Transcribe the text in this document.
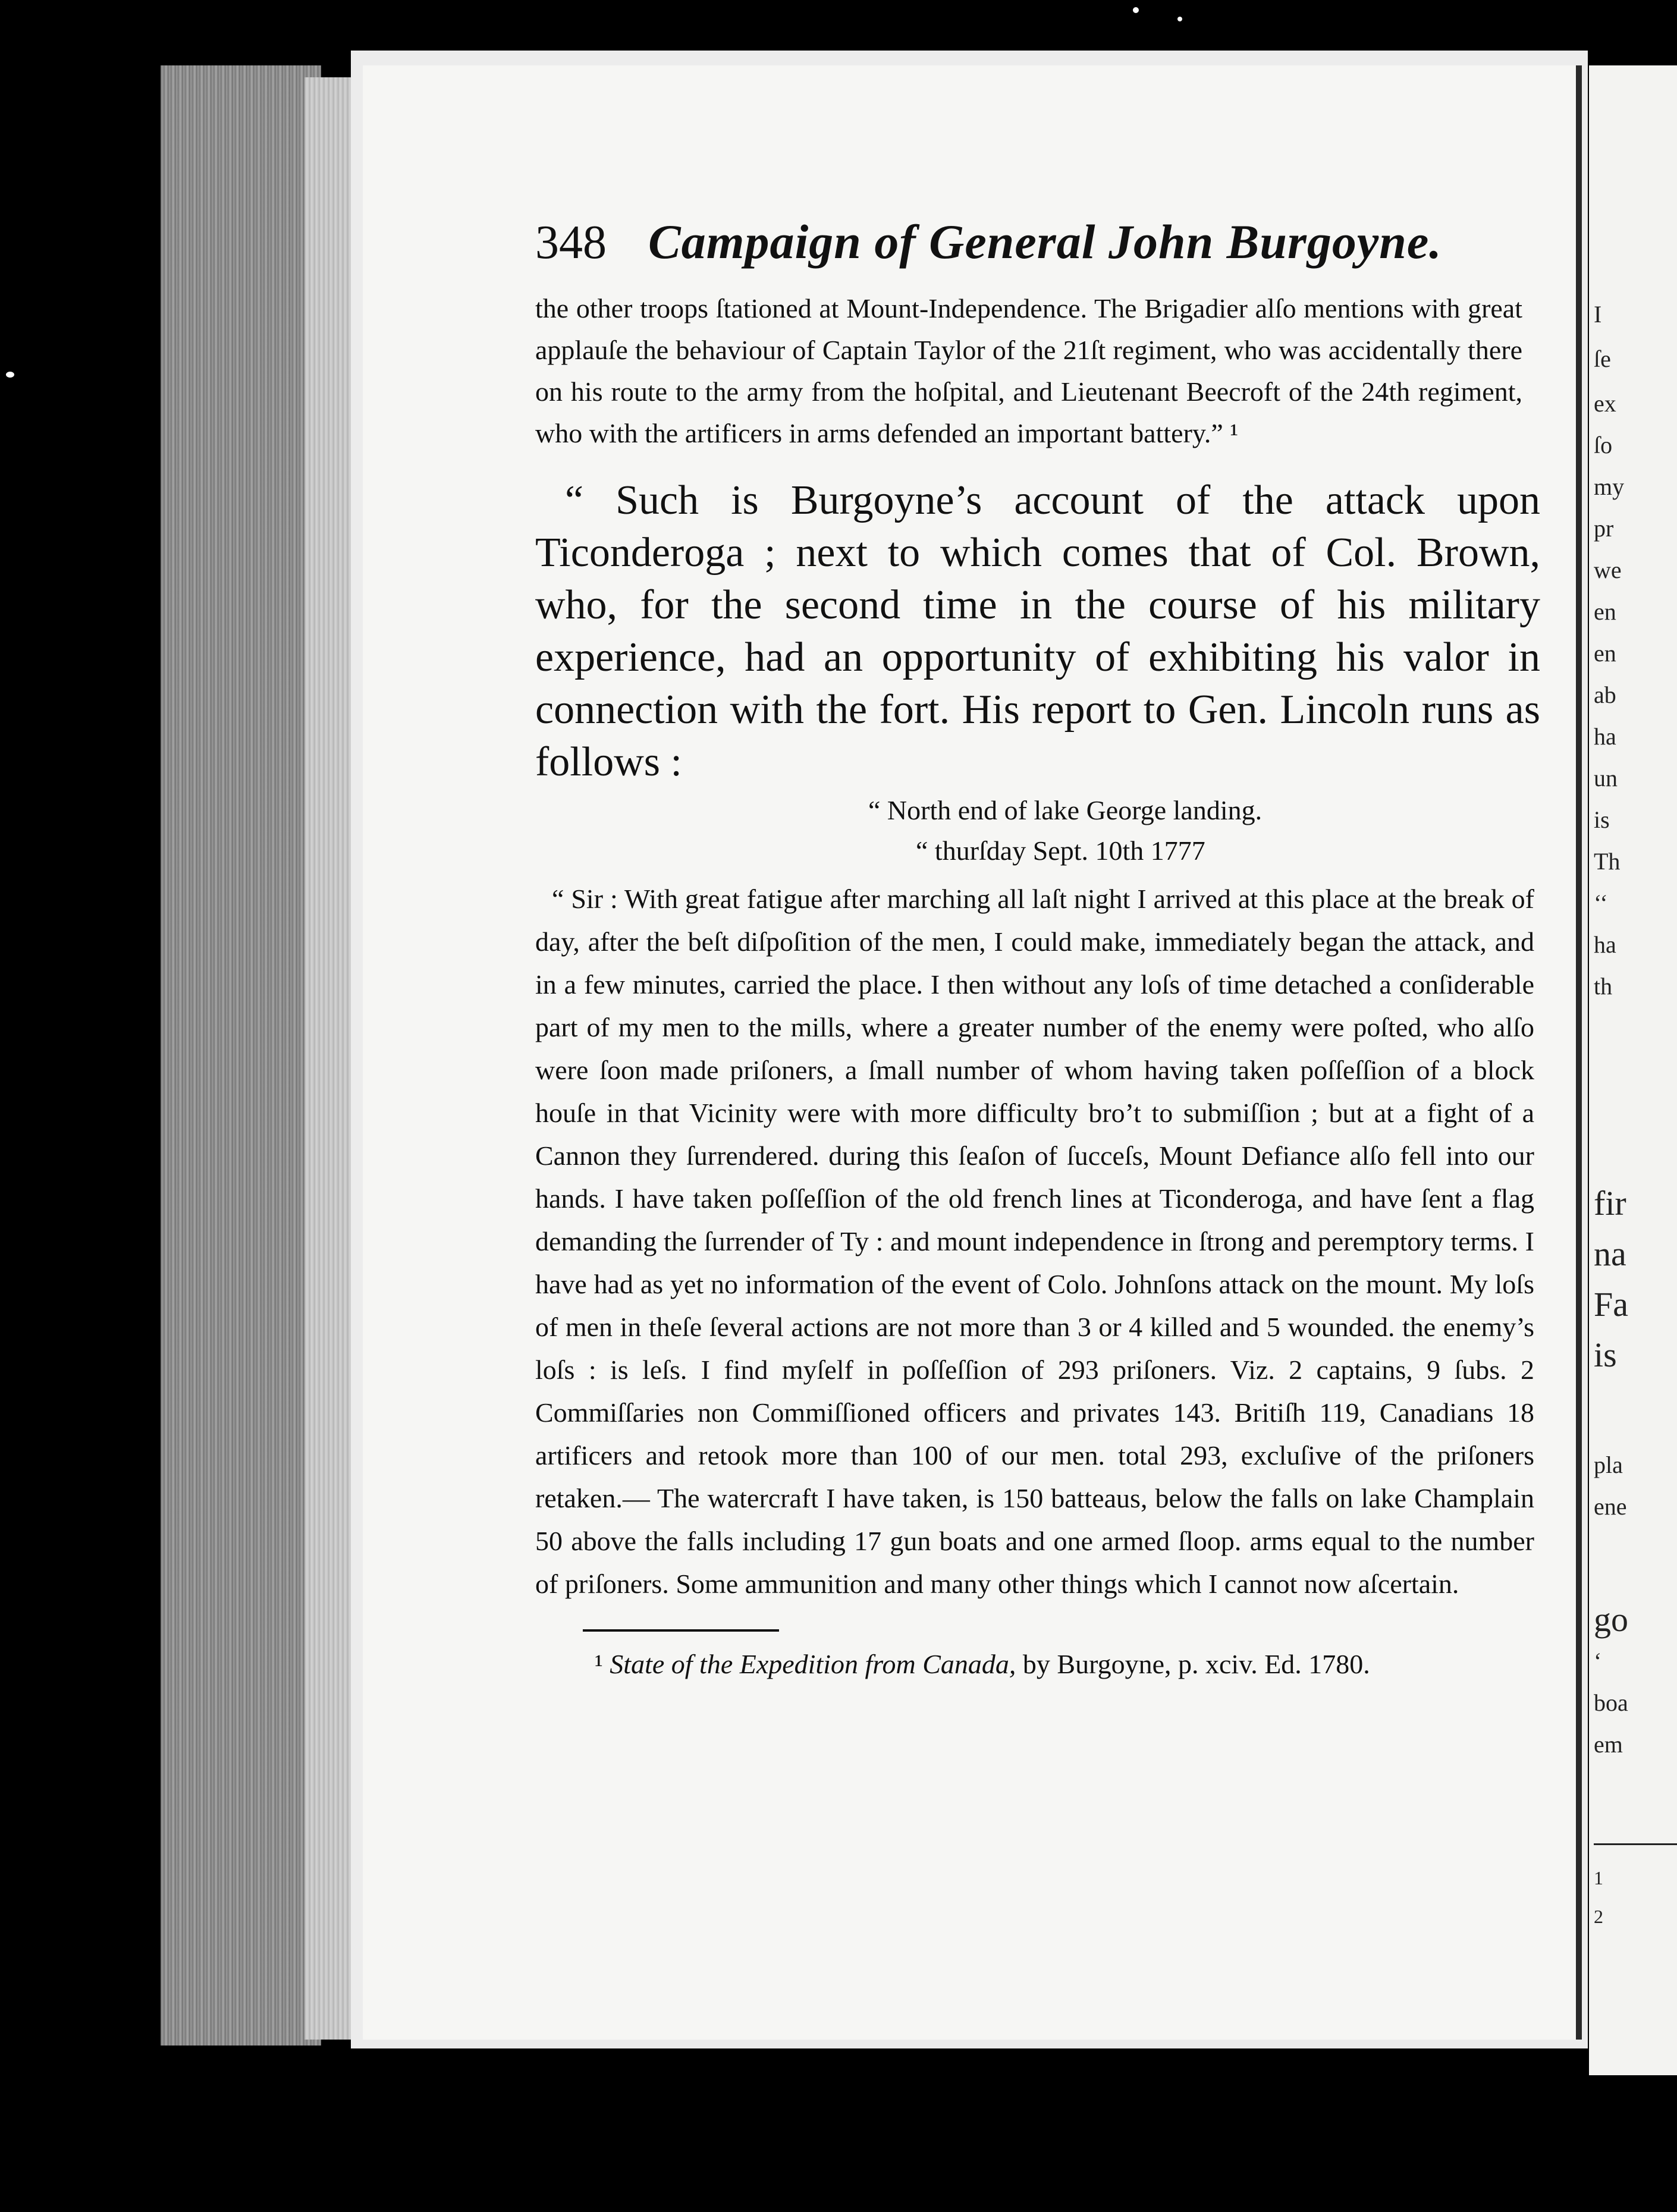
I
ſe
ex
ſo
my
pr
we
en
en
ab
ha
un
is
Th
‘‘
ha
th
fir
na
Fa
is
pla
ene
go
‘
boa
em
1
2
348 Campaign of General John Burgoyne.
the other troops ſtationed at Mount-Independence. The Brigadier alſo mentions with great applauſe the behaviour of Captain Taylor of the 21ſt regiment, who was accidentally there on his route to the army from the hoſpital, and Lieutenant Beecroft of the 24th regiment, who with the artificers in arms defended an important battery.” ¹
“ Such is Burgoyne’s account of the attack upon Ticonderoga ; next to which comes that of Col. Brown, who, for the second time in the course of his military experience, had an opportunity of exhibiting his valor in connection with the fort. His report to Gen. Lincoln runs as follows :
“ North end of lake George landing.
“ thurſday Sept. 10th 1777
“ Sir : With great fatigue after marching all laſt night I arrived at this place at the break of day, after the beſt diſpoſition of the men, I could make, immediately began the attack, and in a few minutes, carried the place. I then without any loſs of time detached a conſiderable part of my men to the mills, where a greater number of the enemy were poſted, who alſo were ſoon made priſoners, a ſmall number of whom having taken poſſeſſion of a block houſe in that Vicinity were with more difficulty bro’t to submiſſion ; but at a fight of a Cannon they ſurrendered. during this ſeaſon of ſucceſs, Mount Defiance alſo fell into our hands. I have taken poſſeſſion of the old french lines at Ticonderoga, and have ſent a flag demanding the ſurrender of Ty : and mount independence in ſtrong and peremptory terms. I have had as yet no information of the event of Colo. Johnſons attack on the mount. My loſs of men in theſe ſeveral actions are not more than 3 or 4 killed and 5 wounded. the enemy’s loſs : is leſs. I find myſelf in poſſeſſion of 293 priſoners. Viz. 2 captains, 9 ſubs. 2 Commiſſaries non Commiſſioned officers and privates 143. Britiſh 119, Canadians 18 artificers and retook more than 100 of our men. total 293, excluſive of the priſoners retaken.— The watercraft I have taken, is 150 batteaus, below the falls on lake Champlain 50 above the falls including 17 gun boats and one armed ſloop. arms equal to the number of priſoners. Some ammunition and many other things which I cannot now aſcertain.
¹ State of the Expedition from Canada, by Burgoyne, p. xciv. Ed. 1780.
